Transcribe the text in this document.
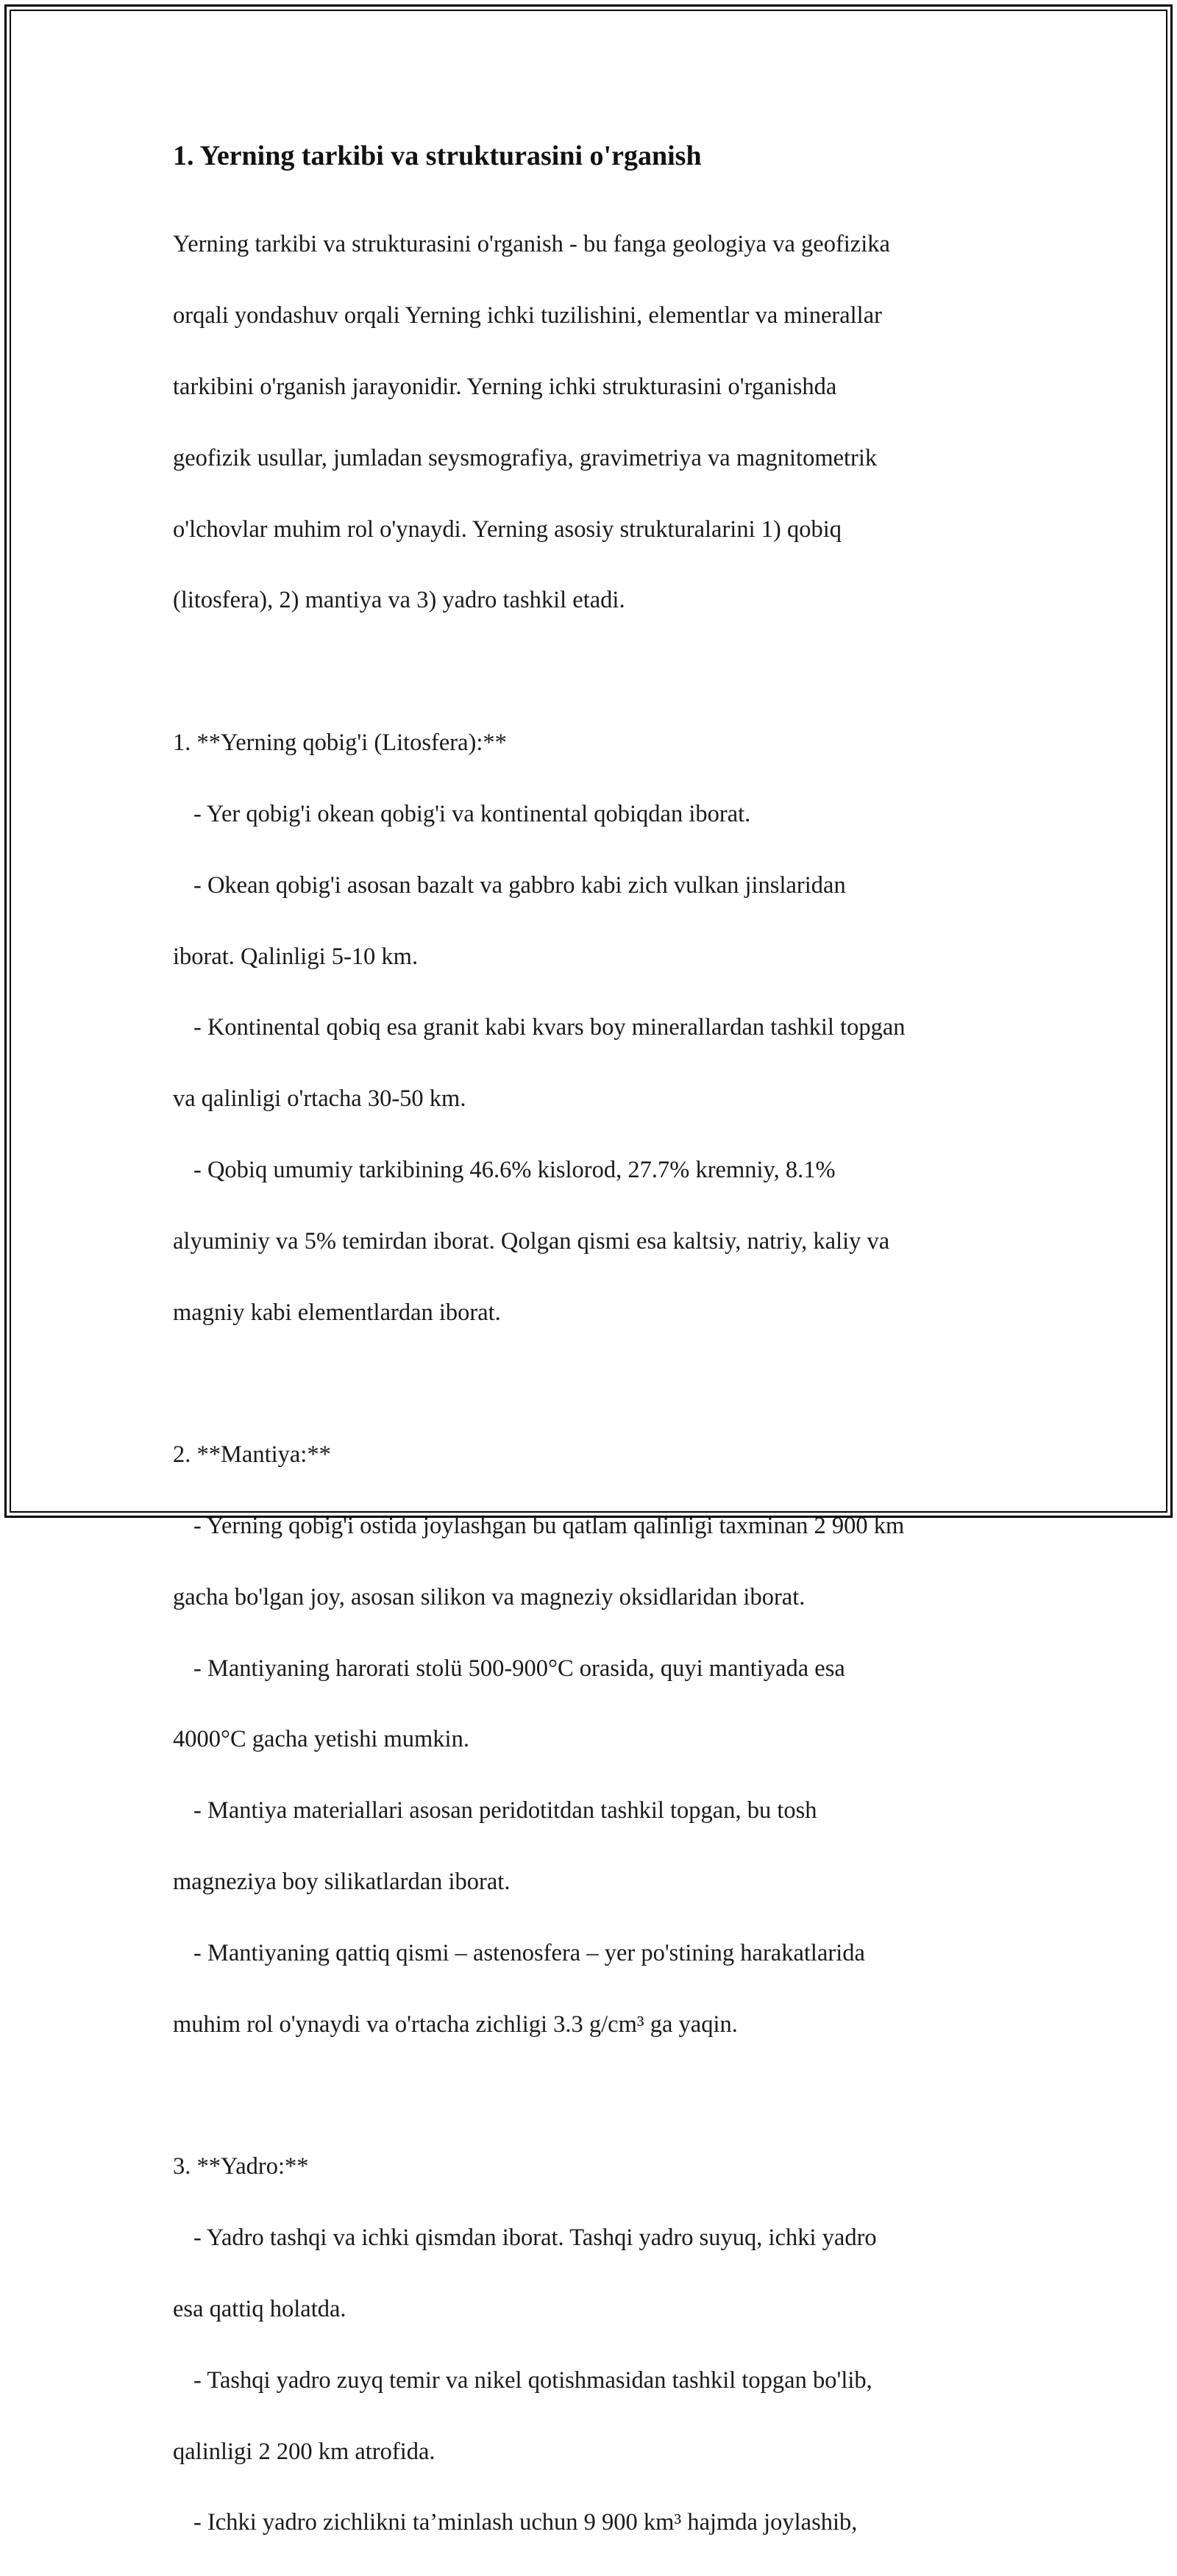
1. Yerning tarkibi va strukturasini o'rganish

Yerning tarkibi va strukturasini o'rganish - bu fanga geologiya va geofizika

orqali yondashuv orqali Yerning ichki tuzilishini, elementlar va minerallar

tarkibini o'rganish jarayonidir. Yerning ichki strukturasini o'rganishda

geofizik usullar, jumladan seysmografiya, gravimetriya va magnitometrik

o'lchovlar muhim rol o'ynaydi. Yerning asosiy strukturalarini 1) qobiq

(litosfera), 2) mantiya va 3) yadro tashkil etadi.

1. **Yerning qobig'i (Litosfera):**

- Yer qobig'i okean qobig'i va kontinental qobiqdan iborat.

- Okean qobig'i asosan bazalt va gabbro kabi zich vulkan jinslaridan

iborat. Qalinligi 5-10 km.

- Kontinental qobiq esa granit kabi kvars boy minerallardan tashkil topgan

va qalinligi o'rtacha 30-50 km.

- Qobiq umumiy tarkibining 46.6% kislorod, 27.7% kremniy, 8.1%

alyuminiy va 5% temirdan iborat. Qolgan qismi esa kaltsiy, natriy, kaliy va

magniy kabi elementlardan iborat.

2. **Mantiya:**

- Yerning qobig'i ostida joylashgan bu qatlam qalinligi taxminan 2 900 km

gacha bo'lgan joy, asosan silikon va magneziy oksidlaridan iborat.

- Mantiyaning harorati stolü 500-900°C orasida, quyi mantiyada esa

4000°C gacha yetishi mumkin.

- Mantiya materiallari asosan peridotitdan tashkil topgan, bu tosh

magneziya boy silikatlardan iborat.

- Mantiyaning qattiq qismi – astenosfera – yer po'stining harakatlarida

muhim rol o'ynaydi va o'rtacha zichligi 3.3 g/cm³ ga yaqin.

3. **Yadro:**

- Yadro tashqi va ichki qismdan iborat. Tashqi yadro suyuq, ichki yadro

esa qattiq holatda.

- Tashqi yadro zuyq temir va nikel qotishmasidan tashkil topgan bo'lib,

qalinligi 2 200 km atrofida.

- Ichki yadro zichlikni ta’minlash uchun 9 900 km³ hajmda joylashib,
